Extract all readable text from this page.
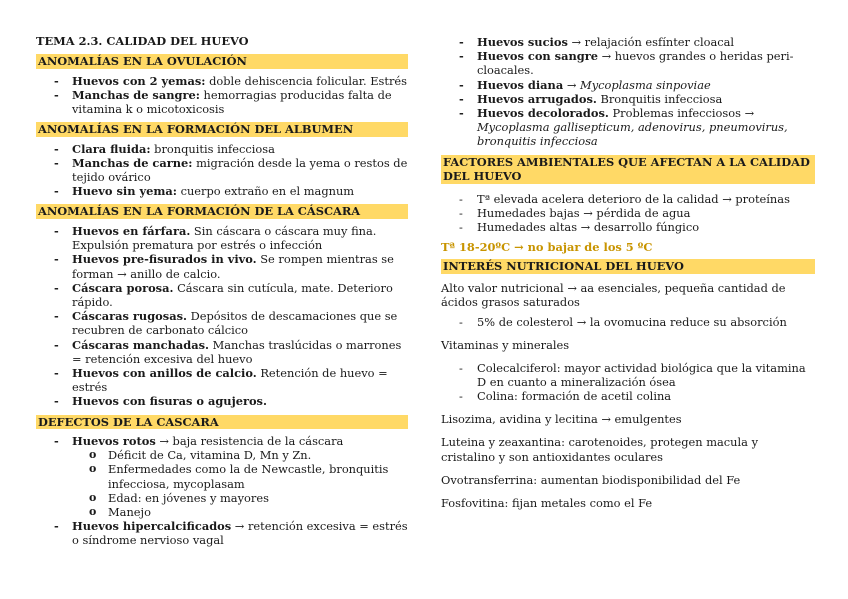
TEMA 2.3. CALIDAD DEL HUEVO
ANOMALÍAS EN LA OVULACIÓN
- Huevos con 2 yemas: doble dehiscencia folicular. Estrés
- Manchas de sangre: hemorragias producidas falta de vitamina k o micotoxicosis
ANOMALÍAS EN LA FORMACIÓN DEL ALBUMEN
- Clara fluida: bronquitis infecciosa
- Manchas de carne: migración desde la yema o restos de tejido ovárico
- Huevo sin yema: cuerpo extraño en el magnum
ANOMALÍAS EN LA FORMACIÓN DE LA CÁSCARA
- Huevos en fárfara. Sin cáscara o cáscara muy fina. Expulsión prematura por estrés o infección
- Huevos pre-fisurados in vivo. Se rompen mientras se forman → anillo de calcio.
- Cáscara porosa. Cáscara sin cutícula, mate. Deterioro rápido.
- Cáscaras rugosas. Depósitos de descamaciones que se recubren de carbonato cálcico
- Cáscaras manchadas. Manchas traslúcidas o marrones = retención excesiva del huevo
- Huevos con anillos de calcio. Retención de huevo = estrés
- Huevos con fisuras o agujeros.
DEFECTOS DE LA CASCARA
- Huevos rotos → baja resistencia de la cáscara
o Déficit de Ca, vitamina D, Mn y Zn.
o Enfermedades como la de Newcastle, bronquitis infecciosa, mycoplasam
o Edad: en jóvenes y mayores
o Manejo
- Huevos hipercalcificados → retención excesiva = estrés o síndrome nervioso vagal
- Huevos sucios → relajación esfínter cloacal
- Huevos con sangre → huevos grandes o heridas peri-cloacales.
- Huevos diana → Mycoplasma sinpoviae
- Huevos arrugados. Bronquitis infecciosa
- Huevos decolorados. Problemas infecciosos → Mycoplasma gallisepticum, adenovirus, pneumovirus, bronquitis infecciosa
FACTORES AMBIENTALES QUE AFECTAN A LA CALIDAD DEL HUEVO
- Tª elevada acelera deterioro de la calidad → proteínas
- Humedades bajas → pérdida de agua
- Humedades altas → desarrollo fúngico
Tª 18-20ºC → no bajar de los 5 ºC
INTERÉS NUTRICIONAL DEL HUEVO

Alto valor nutricional → aa esenciales, pequeña cantidad de ácidos grasos saturados

- 5% de colesterol → la ovomucina reduce su absorción

Vitaminas y minerales

- Colecalciferol: mayor actividad biológica que la vitamina D en cuanto a mineralización ósea
- Colina: formación de acetil colina

Lisozima, avidina y lecitina → emulgentes

Luteina y zeaxantina: carotenoides, protegen macula y cristalino y son antioxidantes oculares

Ovotransferrina: aumentan biodisponibilidad del Fe

Fosfovitina: fijan metales como el Fe
